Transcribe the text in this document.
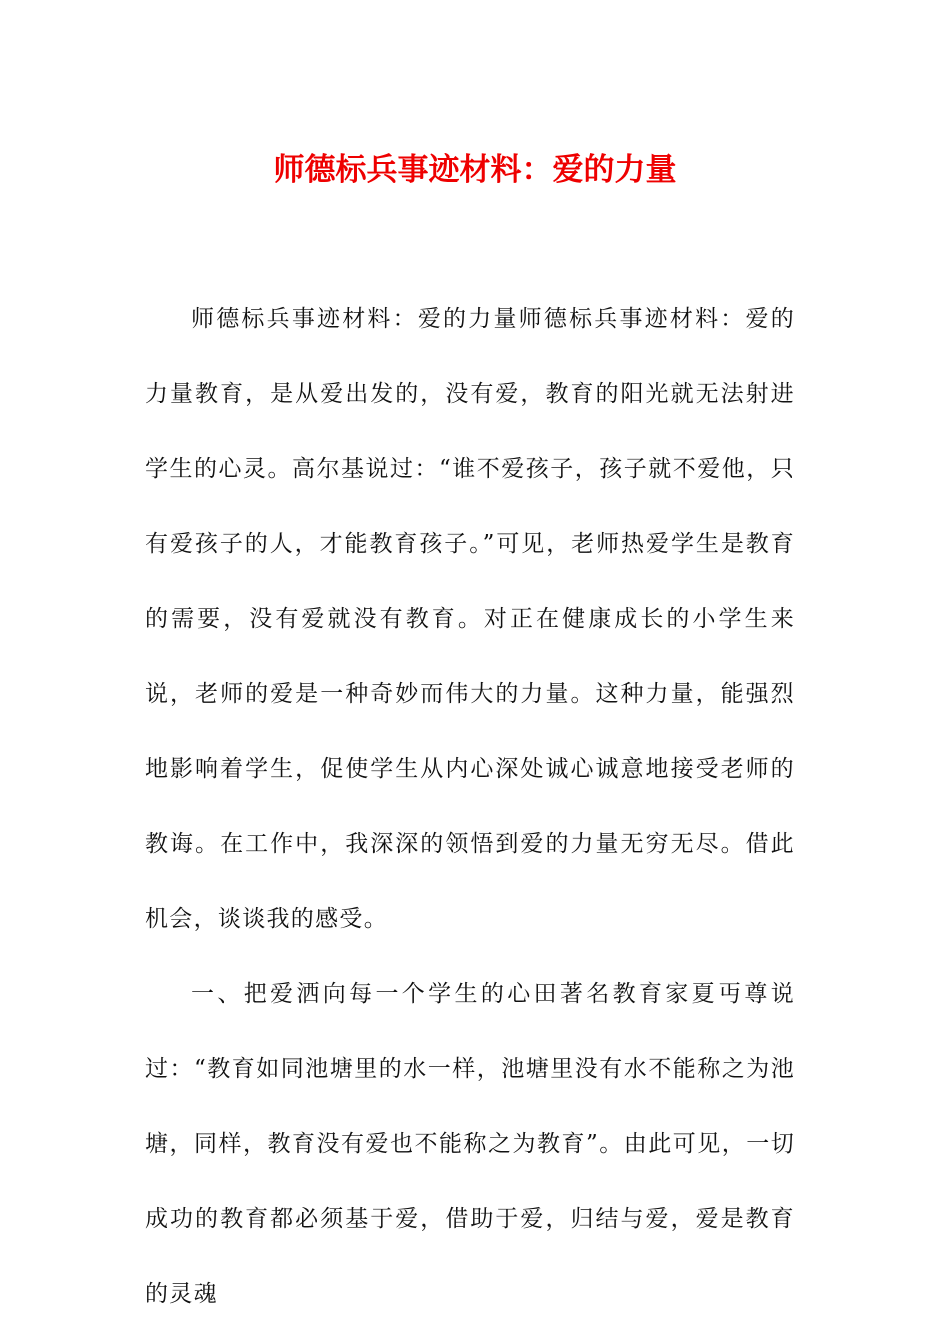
师德标兵事迹材料：爱的力量

师德标兵事迹材料：爱的力量师德标兵事迹材料：爱的力量教育，是从爱出发的，没有爱，教育的阳光就无法射进学生的心灵。高尔基说过：“谁不爱孩子，孩子就不爱他，只有爱孩子的人，才能教育孩子。”可见，老师热爱学生是教育的需要，没有爱就没有教育。对正在健康成长的小学生来说，老师的爱是一种奇妙而伟大的力量。这种力量，能强烈地影响着学生，促使学生从内心深处诚心诚意地接受老师的教诲。在工作中，我深深的领悟到爱的力量无穷无尽。借此机会，谈谈我的感受。

一、把爱洒向每一个学生的心田著名教育家夏丏尊说过：“教育如同池塘里的水一样，池塘里没有水不能称之为池塘，同样，教育没有爱也不能称之为教育”。由此可见，一切成功的教育都必须基于爱，借助于爱，归结与爱，爱是教育的灵魂
